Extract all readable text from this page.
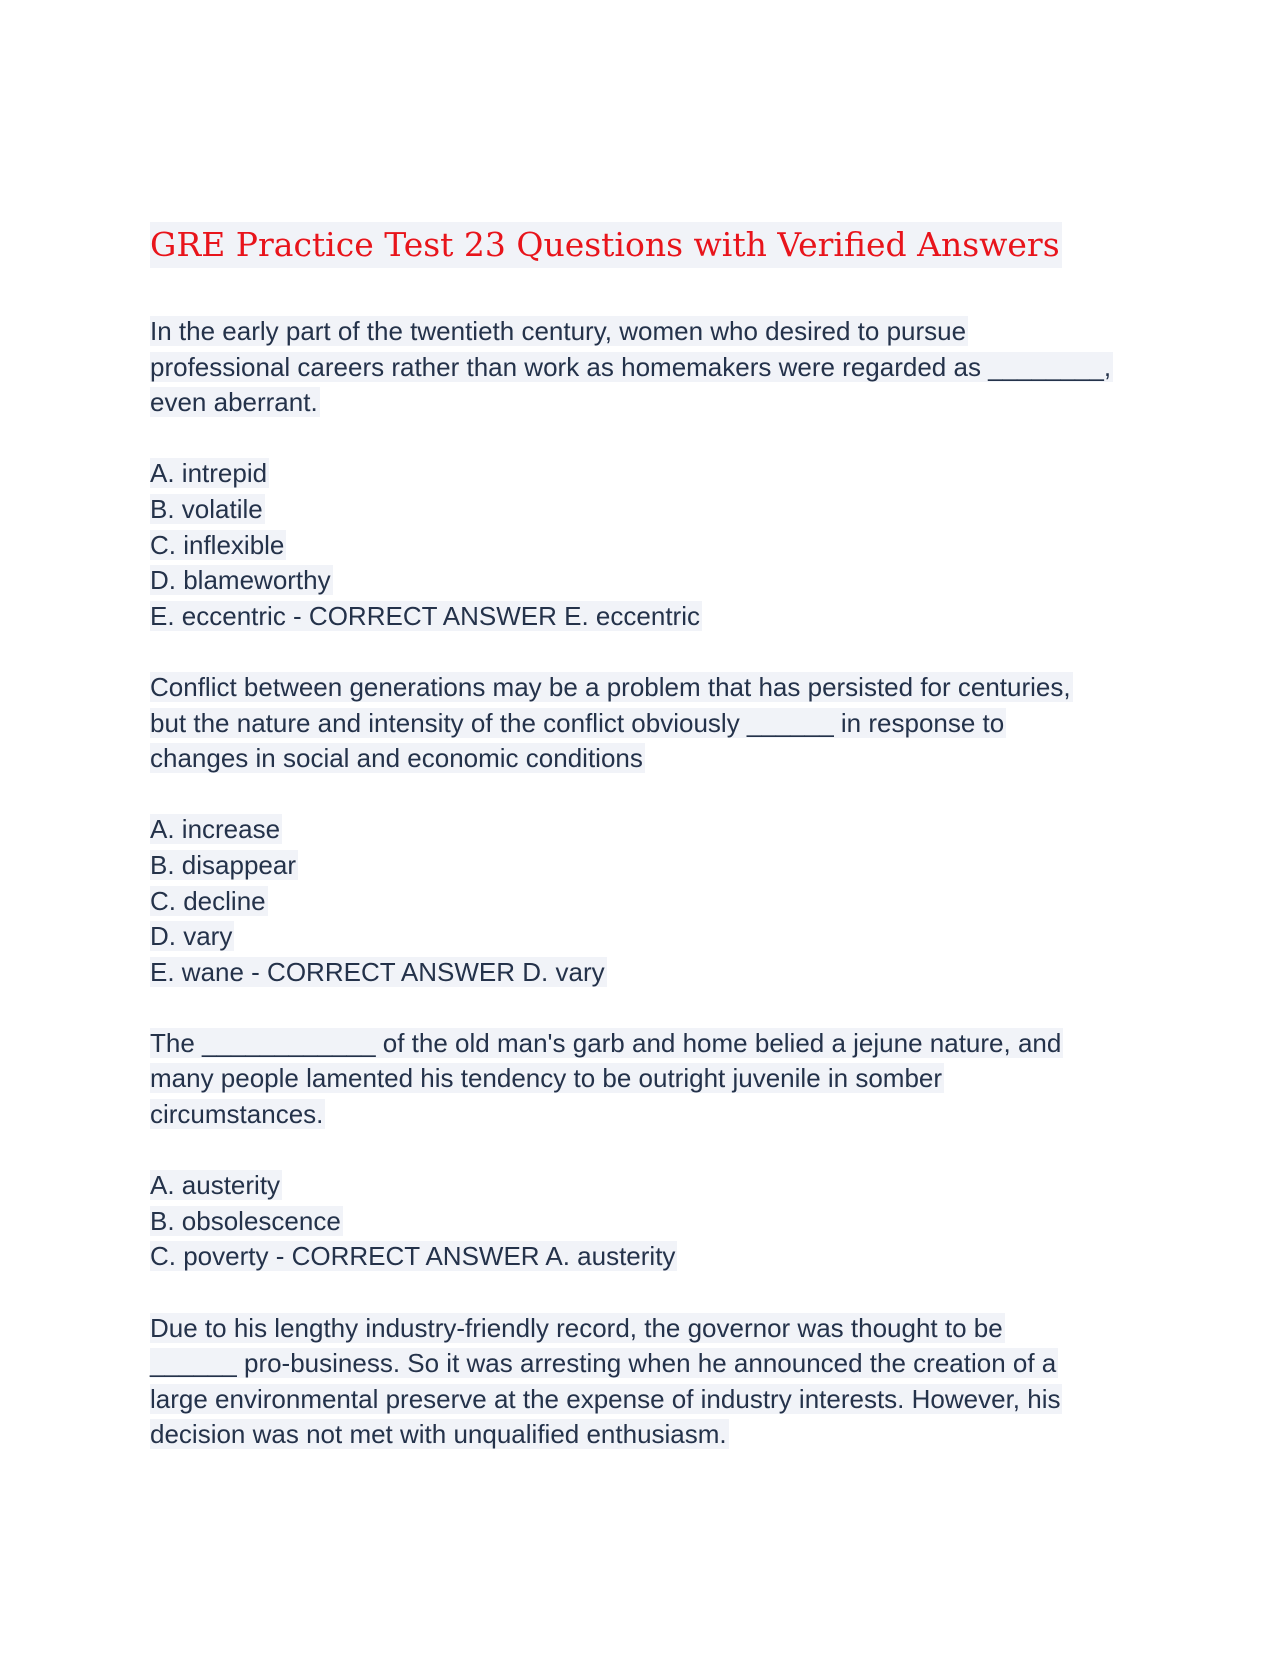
GRE Practice Test 23 Questions with Verified Answers
In the early part of the twentieth century, women who desired to pursue
professional careers rather than work as homemakers were regarded as ________,
even aberrant.
A. intrepid
B. volatile
C. inflexible
D. blameworthy
E. eccentric - CORRECT ANSWER E. eccentric
Conflict between generations may be a problem that has persisted for centuries,
but the nature and intensity of the conflict obviously ______ in response to
changes in social and economic conditions
A. increase
B. disappear
C. decline
D. vary
E. wane - CORRECT ANSWER D. vary
The ____________ of the old man's garb and home belied a jejune nature, and
many people lamented his tendency to be outright juvenile in somber
circumstances.
A. austerity
B. obsolescence
C. poverty - CORRECT ANSWER A. austerity
Due to his lengthy industry-friendly record, the governor was thought to be
______ pro-business. So it was arresting when he announced the creation of a
large environmental preserve at the expense of industry interests. However, his
decision was not met with unqualified enthusiasm.
